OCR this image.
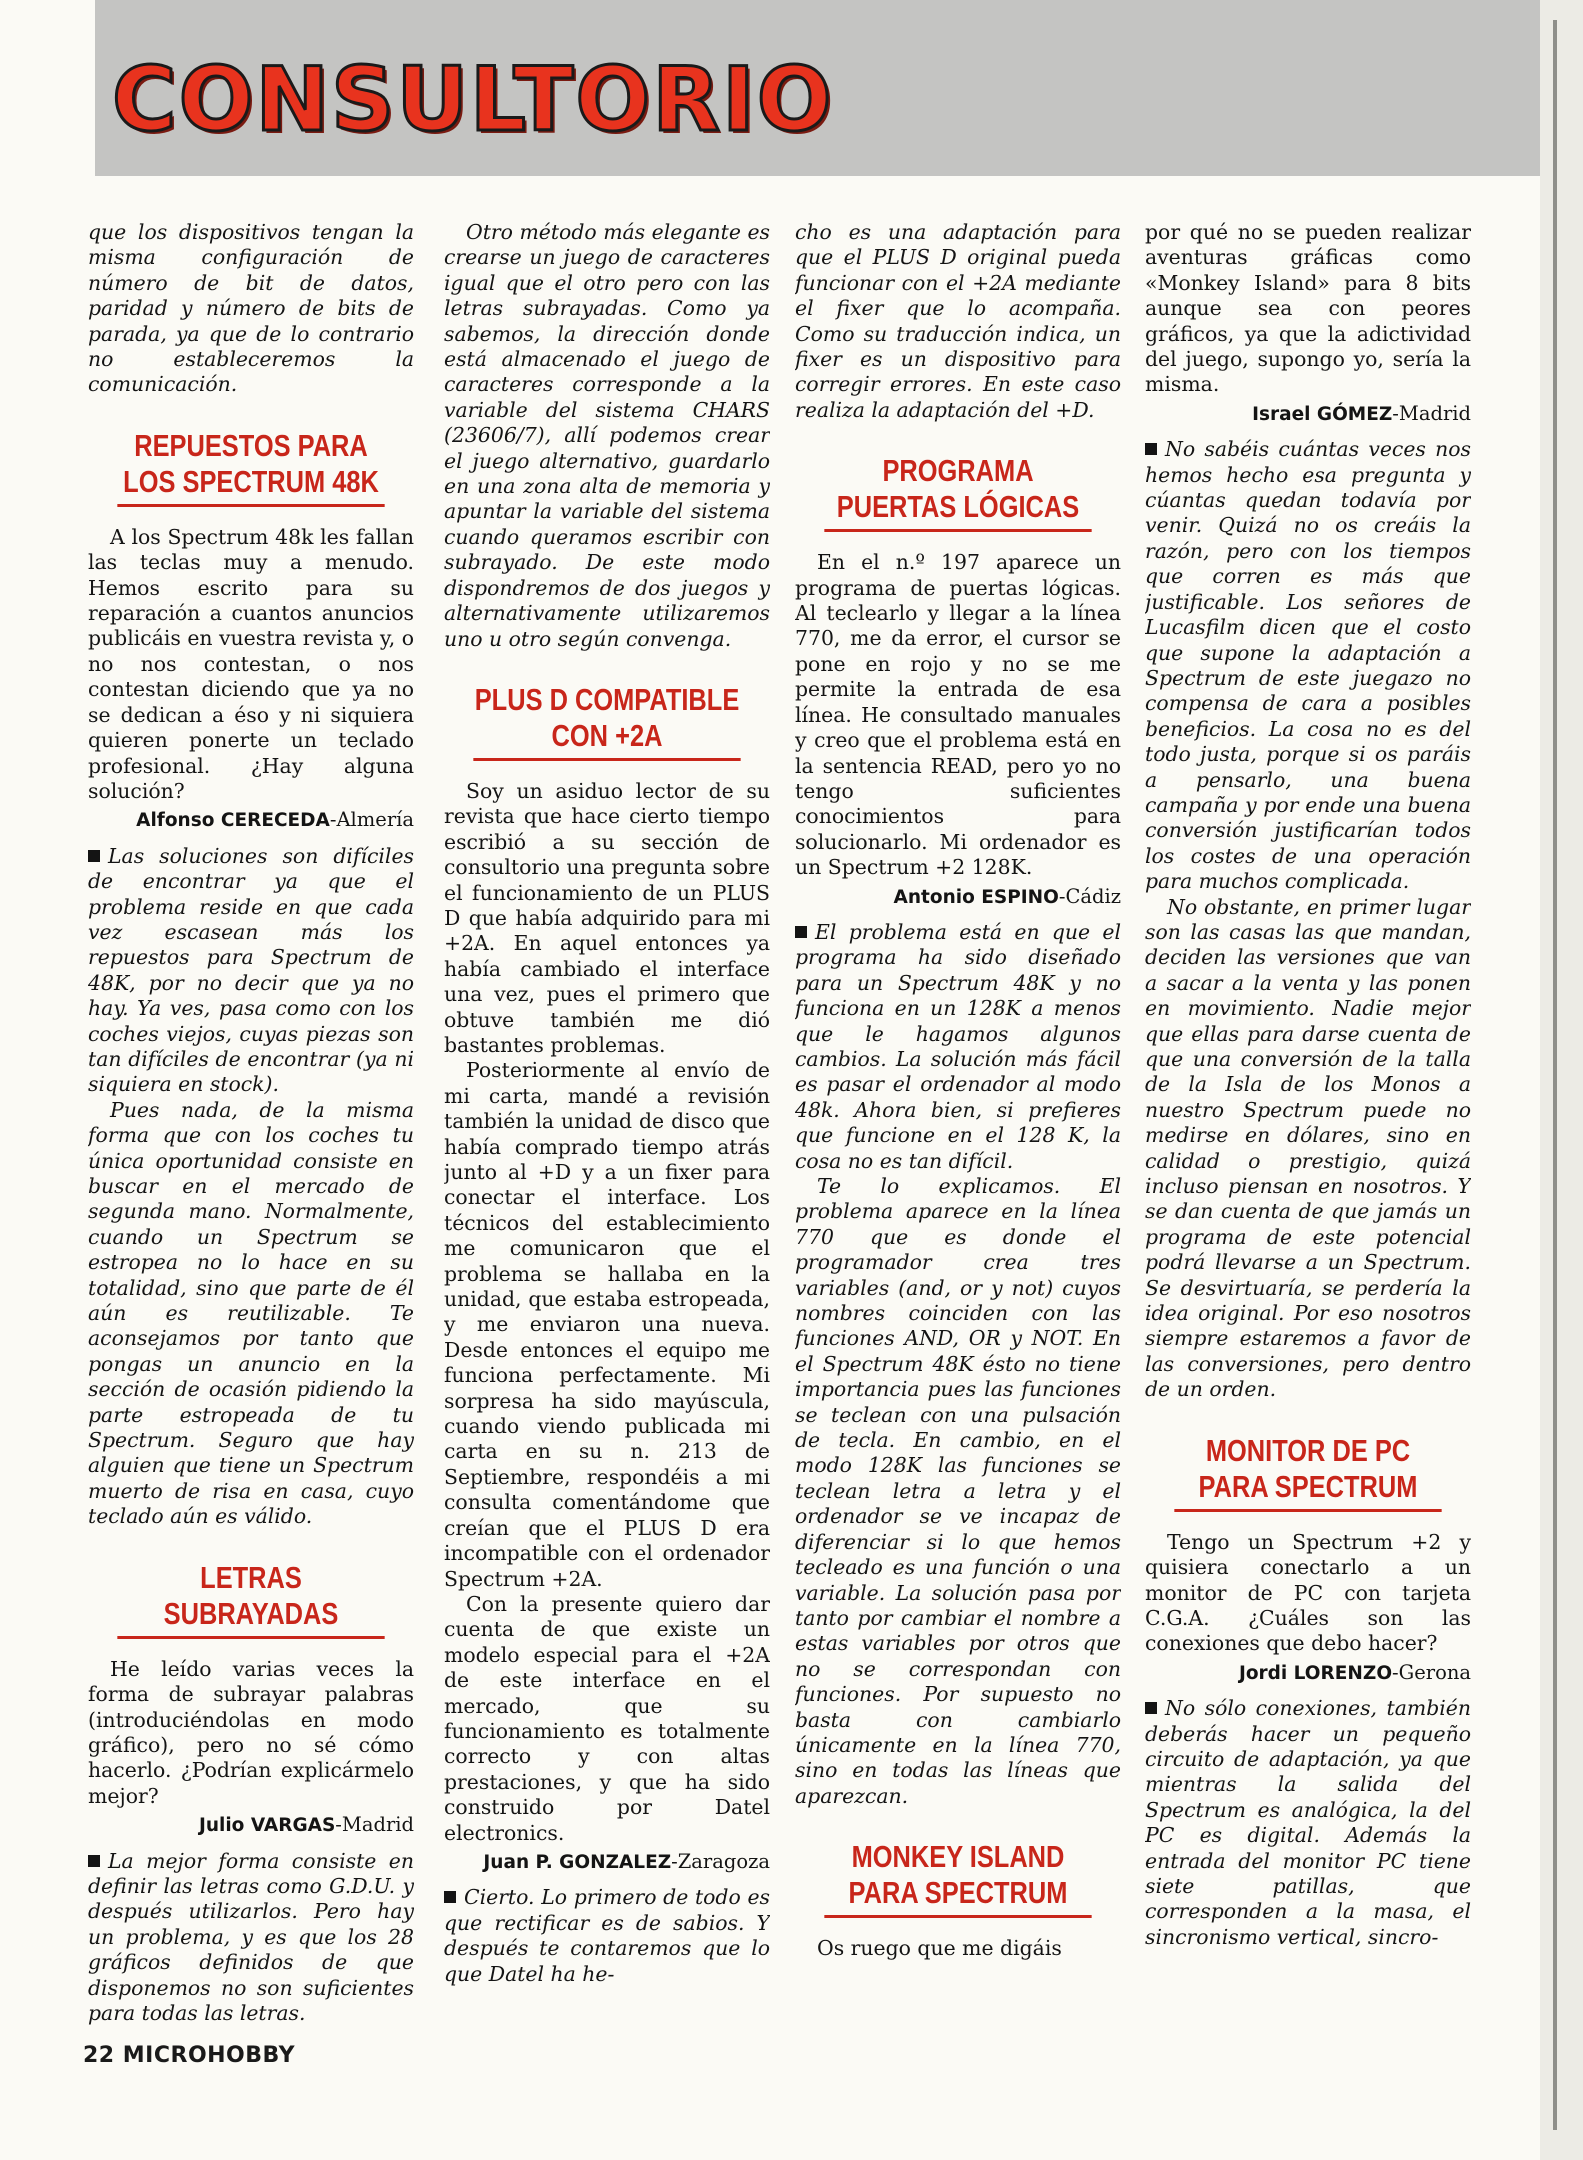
CONSULTORIO

que los dispositivos tengan la misma configuración de número de bit de datos, paridad y número de bits de parada, ya que de lo contrario no estableceremos la comunicación.

REPUESTOS PARA LOS SPECTRUM 48K

A los Spectrum 48k les fallan las teclas muy a menudo. Hemos escrito para su reparación a cuantos anuncios publicáis en vuestra revista y, o no nos contestan, o nos contestan diciendo que ya no se dedican a éso y ni siquiera quieren ponerte un teclado profesional. ¿Hay alguna solución?

Alfonso CERECEDA-Almería

Las soluciones son difíciles de encontrar ya que el problema reside en que cada vez escasean más los repuestos para Spectrum de 48K, por no decir que ya no hay. Ya ves, pasa como con los coches viejos, cuyas piezas son tan difíciles de encontrar (ya ni siquiera en stock).

Pues nada, de la misma forma que con los coches tu única oportunidad consiste en buscar en el mercado de segunda mano. Normalmente, cuando un Spectrum se estropea no lo hace en su totalidad, sino que parte de él aún es reutilizable. Te aconsejamos por tanto que pongas un anuncio en la sección de ocasión pidiendo la parte estropeada de tu Spectrum. Seguro que hay alguien que tiene un Spectrum muerto de risa en casa, cuyo teclado aún es válido.

LETRAS SUBRAYADAS

He leído varias veces la forma de subrayar palabras (introduciéndolas en modo gráfico), pero no sé cómo hacerlo. ¿Podrían explicármelo mejor?

Julio VARGAS-Madrid

La mejor forma consiste en definir las letras como G.D.U. y después utilizarlos. Pero hay un problema, y es que los 28 gráficos definidos de que disponemos no son suficientes para todas las letras.

Otro método más elegante es crearse un juego de caracteres igual que el otro pero con las letras subrayadas. Como ya sabemos, la dirección donde está almacenado el juego de caracteres corresponde a la variable del sistema CHARS (23606/7), allí podemos crear el juego alternativo, guardarlo en una zona alta de memoria y apuntar la variable del sistema cuando queramos escribir con subrayado. De este modo dispondremos de dos juegos y alternativamente utilizaremos uno u otro según convenga.

PLUS D COMPATIBLE CON +2A

Soy un asiduo lector de su revista que hace cierto tiempo escribió a su sección de consultorio una pregunta sobre el funcionamiento de un PLUS D que había adquirido para mi +2A. En aquel entonces ya había cambiado el interface una vez, pues el primero que obtuve también me dió bastantes problemas.

Posteriormente al envío de mi carta, mandé a revisión también la unidad de disco que había comprado tiempo atrás junto al +D y a un fixer para conectar el interface. Los técnicos del establecimiento me comunicaron que el problema se hallaba en la unidad, que estaba estropeada, y me enviaron una nueva. Desde entonces el equipo me funciona perfectamente. Mi sorpresa ha sido mayúscula, cuando viendo publicada mi carta en su n. 213 de Septiembre, respondéis a mi consulta comentándome que creían que el PLUS D era incompatible con el ordenador Spectrum +2A.

Con la presente quiero dar cuenta de que existe un modelo especial para el +2A de este interface en el mercado, que su funcionamiento es totalmente correcto y con altas prestaciones, y que ha sido construido por Datel electronics.

Juan P. GONZALEZ-Zaragoza

Cierto. Lo primero de todo es que rectificar es de sabios. Y después te contaremos que lo que Datel ha he-

cho es una adaptación para que el PLUS D original pueda funcionar con el +2A mediante el fixer que lo acompaña. Como su traducción indica, un fixer es un dispositivo para corregir errores. En este caso realiza la adaptación del +D.

PROGRAMA PUERTAS LÓGICAS

En el n.º 197 aparece un programa de puertas lógicas. Al teclearlo y llegar a la línea 770, me da error, el cursor se pone en rojo y no se me permite la entrada de esa línea. He consultado manuales y creo que el problema está en la sentencia READ, pero yo no tengo suficientes conocimientos para solucionarlo. Mi ordenador es un Spectrum +2 128K.

Antonio ESPINO-Cádiz

El problema está en que el programa ha sido diseñado para un Spectrum 48K y no funciona en un 128K a menos que le hagamos algunos cambios. La solución más fácil es pasar el ordenador al modo 48k. Ahora bien, si prefieres que funcione en el 128 K, la cosa no es tan difícil.

Te lo explicamos. El problema aparece en la línea 770 que es donde el programador crea tres variables (and, or y not) cuyos nombres coinciden con las funciones AND, OR y NOT. En el Spectrum 48K ésto no tiene importancia pues las funciones se teclean con una pulsación de tecla. En cambio, en el modo 128K las funciones se teclean letra a letra y el ordenador se ve incapaz de diferenciar si lo que hemos tecleado es una función o una variable. La solución pasa por tanto por cambiar el nombre a estas variables por otros que no se correspondan con funciones. Por supuesto no basta con cambiarlo únicamente en la línea 770, sino en todas las líneas que aparezcan.

MONKEY ISLAND PARA SPECTRUM

Os ruego que me digáis

por qué no se pueden realizar aventuras gráficas como «Monkey Island» para 8 bits aunque sea con peores gráficos, ya que la adictividad del juego, supongo yo, sería la misma.

Israel GÓMEZ-Madrid

No sabéis cuántas veces nos hemos hecho esa pregunta y cúantas quedan todavía por venir. Quizá no os creáis la razón, pero con los tiempos que corren es más que justificable. Los señores de Lucasfilm dicen que el costo que supone la adaptación a Spectrum de este juegazo no compensa de cara a posibles beneficios. La cosa no es del todo justa, porque si os paráis a pensarlo, una buena campaña y por ende una buena conversión justificarían todos los costes de una operación para muchos complicada.

No obstante, en primer lugar son las casas las que mandan, deciden las versiones que van a sacar a la venta y las ponen en movimiento. Nadie mejor que ellas para darse cuenta de que una conversión de la talla de la Isla de los Monos a nuestro Spectrum puede no medirse en dólares, sino en calidad o prestigio, quizá incluso piensan en nosotros. Y se dan cuenta de que jamás un programa de este potencial podrá llevarse a un Spectrum. Se desvirtuaría, se perdería la idea original. Por eso nosotros siempre estaremos a favor de las conversiones, pero dentro de un orden.

MONITOR DE PC PARA SPECTRUM

Tengo un Spectrum +2 y quisiera conectarlo a un monitor de PC con tarjeta C.G.A. ¿Cuáles son las conexiones que debo hacer?

Jordi LORENZO-Gerona

No sólo conexiones, también deberás hacer un pequeño circuito de adaptación, ya que mientras la salida del Spectrum es analógica, la del PC es digital. Además la entrada del monitor PC tiene siete patillas, que corresponden a la masa, el sincronismo vertical, sincro-

22 MICROHOBBY
